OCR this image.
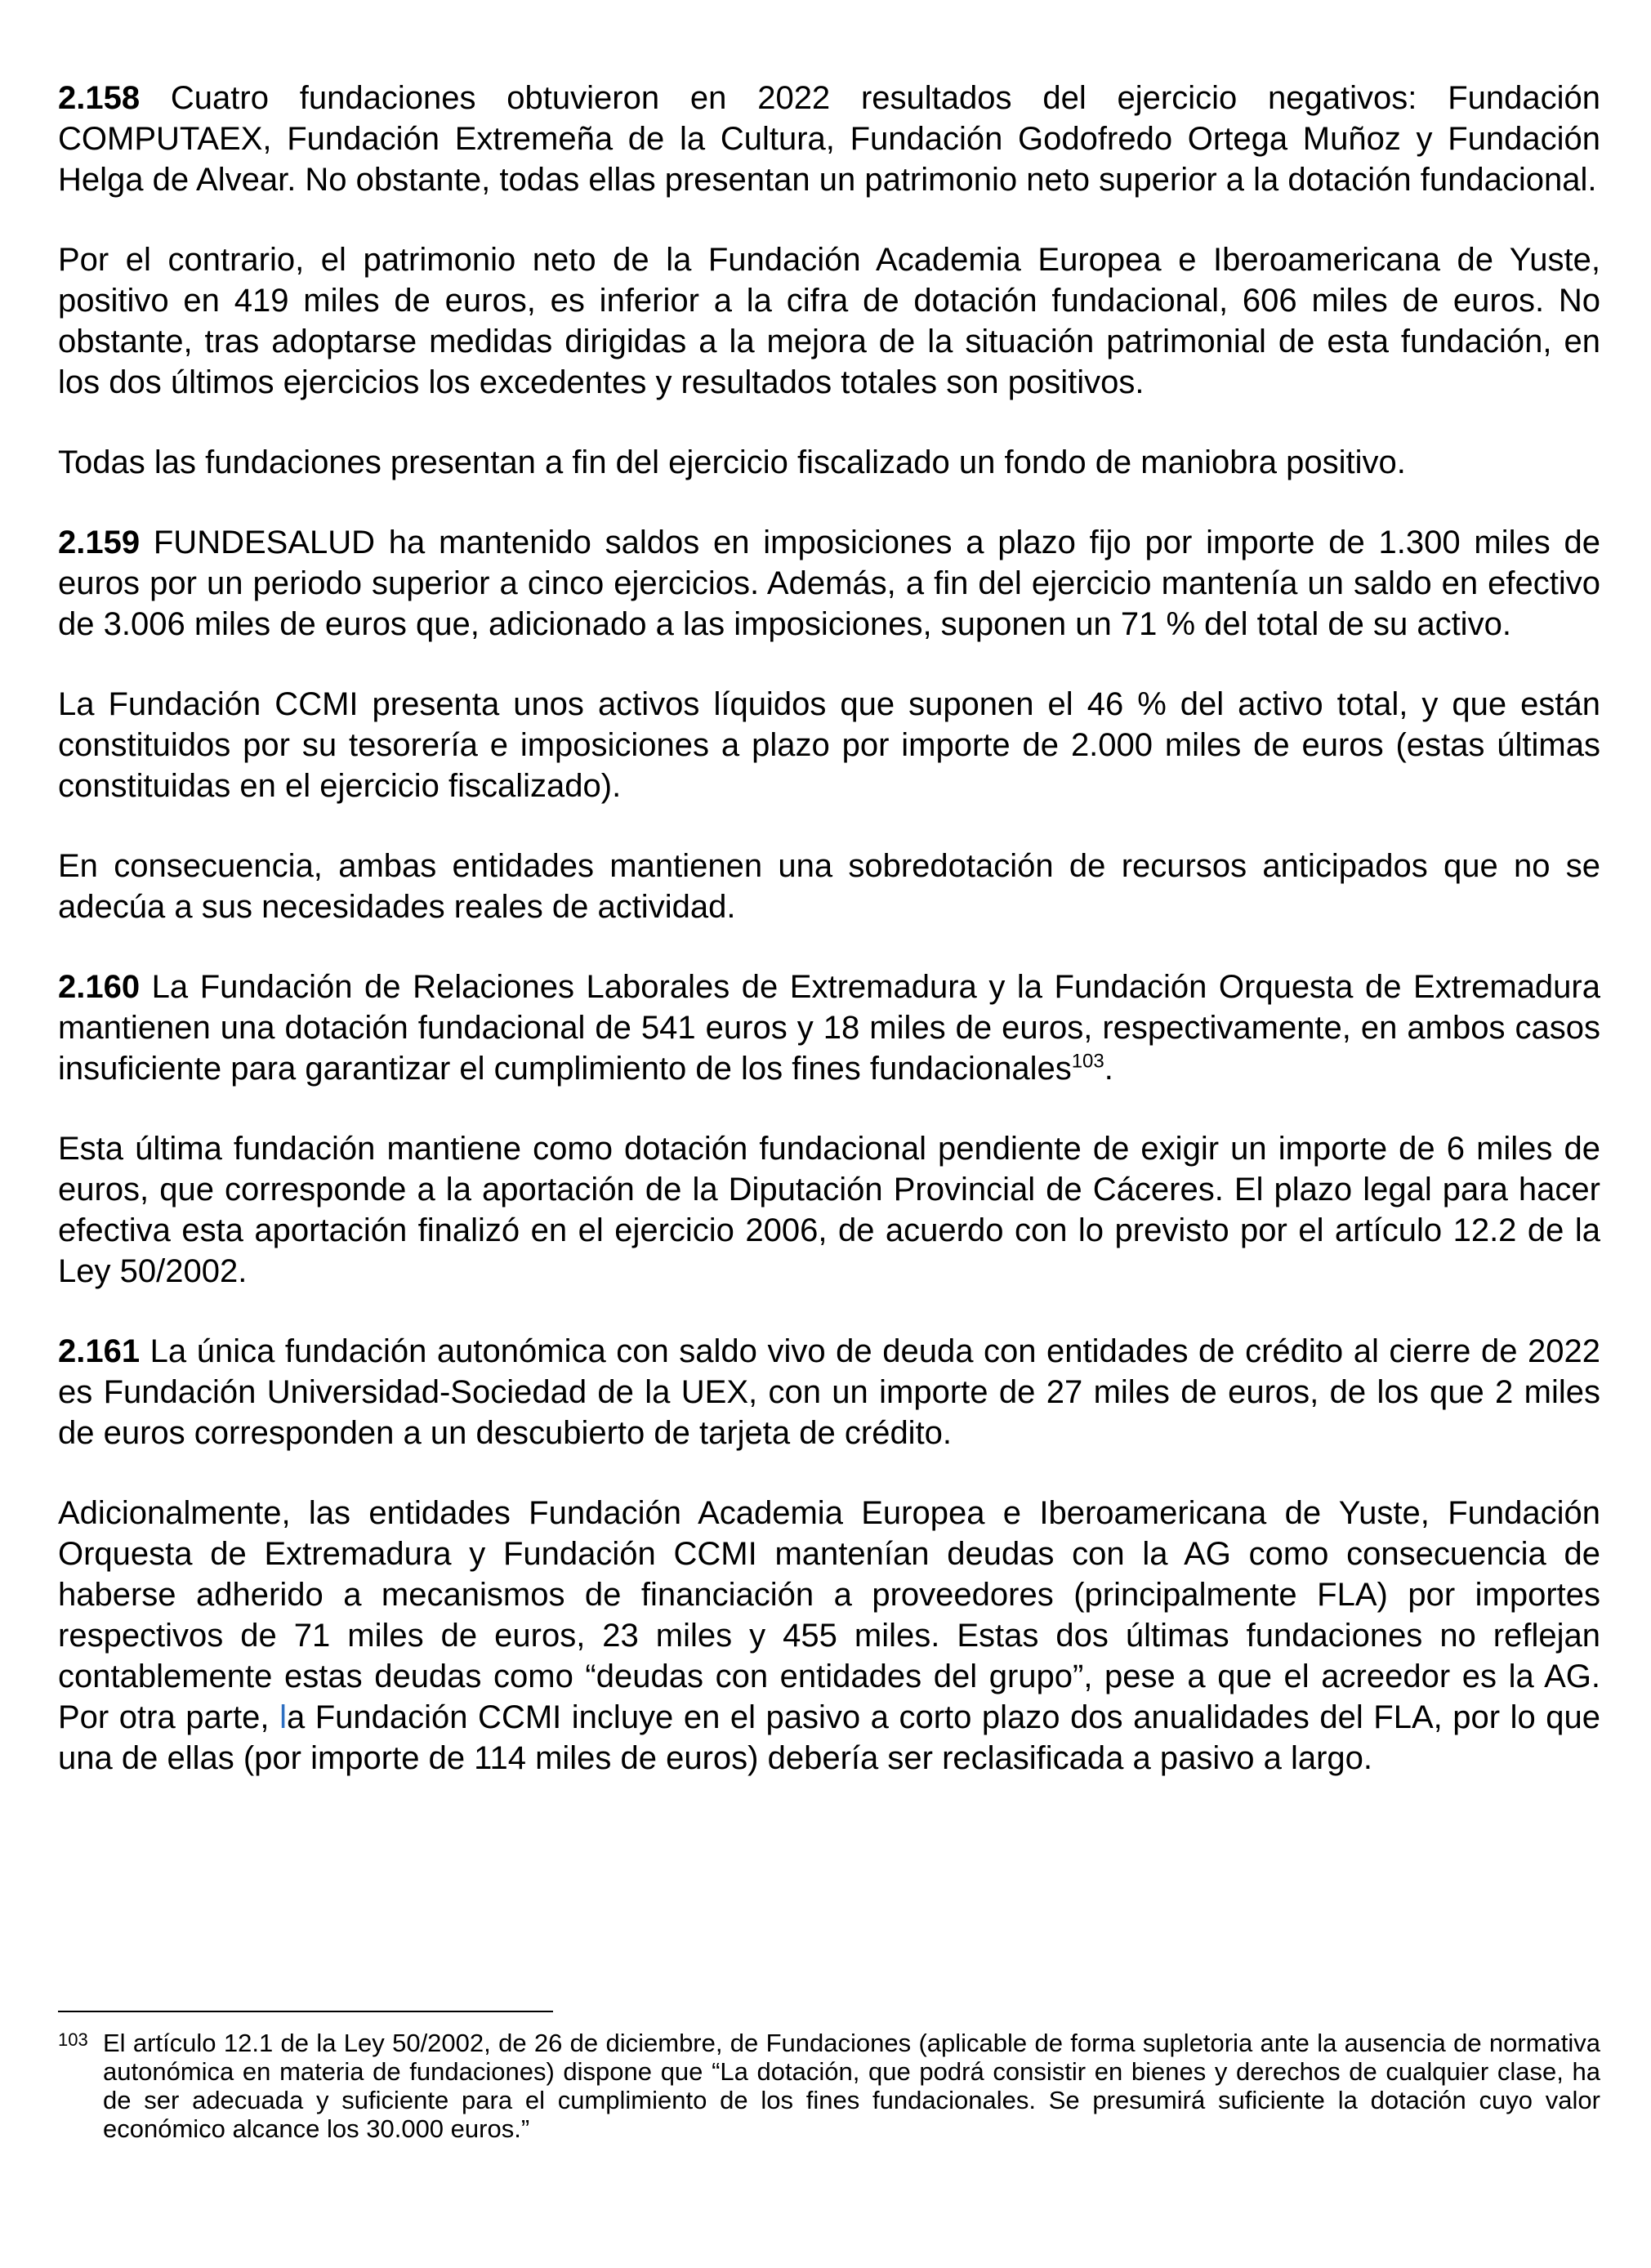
2.158 Cuatro fundaciones obtuvieron en 2022 resultados del ejercicio negativos: Fundación COMPUTAEX, Fundación Extremeña de la Cultura, Fundación Godofredo Ortega Muñoz y Fundación Helga de Alvear. No obstante, todas ellas presentan un patrimonio neto superior a la dotación fundacional.

Por el contrario, el patrimonio neto de la Fundación Academia Europea e Iberoamericana de Yuste, positivo en 419 miles de euros, es inferior a la cifra de dotación fundacional, 606 miles de euros. No obstante, tras adoptarse medidas dirigidas a la mejora de la situación patrimonial de esta fundación, en los dos últimos ejercicios los excedentes y resultados totales son positivos.

Todas las fundaciones presentan a fin del ejercicio fiscalizado un fondo de maniobra positivo.

2.159 FUNDESALUD ha mantenido saldos en imposiciones a plazo fijo por importe de 1.300 miles de euros por un periodo superior a cinco ejercicios. Además, a fin del ejercicio mantenía un saldo en efectivo de 3.006 miles de euros que, adicionado a las imposiciones, suponen un 71 % del total de su activo.

La Fundación CCMI presenta unos activos líquidos que suponen el 46 % del activo total, y que están constituidos por su tesorería e imposiciones a plazo por importe de 2.000 miles de euros (estas últimas constituidas en el ejercicio fiscalizado).

En consecuencia, ambas entidades mantienen una sobredotación de recursos anticipados que no se adecúa a sus necesidades reales de actividad.

2.160 La Fundación de Relaciones Laborales de Extremadura y la Fundación Orquesta de Extremadura mantienen una dotación fundacional de 541 euros y 18 miles de euros, respectivamente, en ambos casos insuficiente para garantizar el cumplimiento de los fines fundacionales$^{103}$.

Esta última fundación mantiene como dotación fundacional pendiente de exigir un importe de 6 miles de euros, que corresponde a la aportación de la Diputación Provincial de Cáceres. El plazo legal para hacer efectiva esta aportación finalizó en el ejercicio 2006, de acuerdo con lo previsto por el artículo 12.2 de la Ley 50/2002.

2.161 La única fundación autonómica con saldo vivo de deuda con entidades de crédito al cierre de 2022 es Fundación Universidad-Sociedad de la UEX, con un importe de 27 miles de euros, de los que 2 miles de euros corresponden a un descubierto de tarjeta de crédito.

Adicionalmente, las entidades Fundación Academia Europea e Iberoamericana de Yuste, Fundación Orquesta de Extremadura y Fundación CCMI mantenían deudas con la AG como consecuencia de haberse adherido a mecanismos de financiación a proveedores (principalmente FLA) por importes respectivos de 71 miles de euros, 23 miles y 455 miles. Estas dos últimas fundaciones no reflejan contablemente estas deudas como “deudas con entidades del grupo”, pese a que el acreedor es la AG. Por otra parte, la Fundación CCMI incluye en el pasivo a corto plazo dos anualidades del FLA, por lo que una de ellas (por importe de 114 miles de euros) debería ser reclasificada a pasivo a largo.

103 El artículo 12.1 de la Ley 50/2002, de 26 de diciembre, de Fundaciones (aplicable de forma supletoria ante la ausencia de normativa autonómica en materia de fundaciones) dispone que “La dotación, que podrá consistir en bienes y derechos de cualquier clase, ha de ser adecuada y suficiente para el cumplimiento de los fines fundacionales. Se presumirá suficiente la dotación cuyo valor económico alcance los 30.000 euros.”
